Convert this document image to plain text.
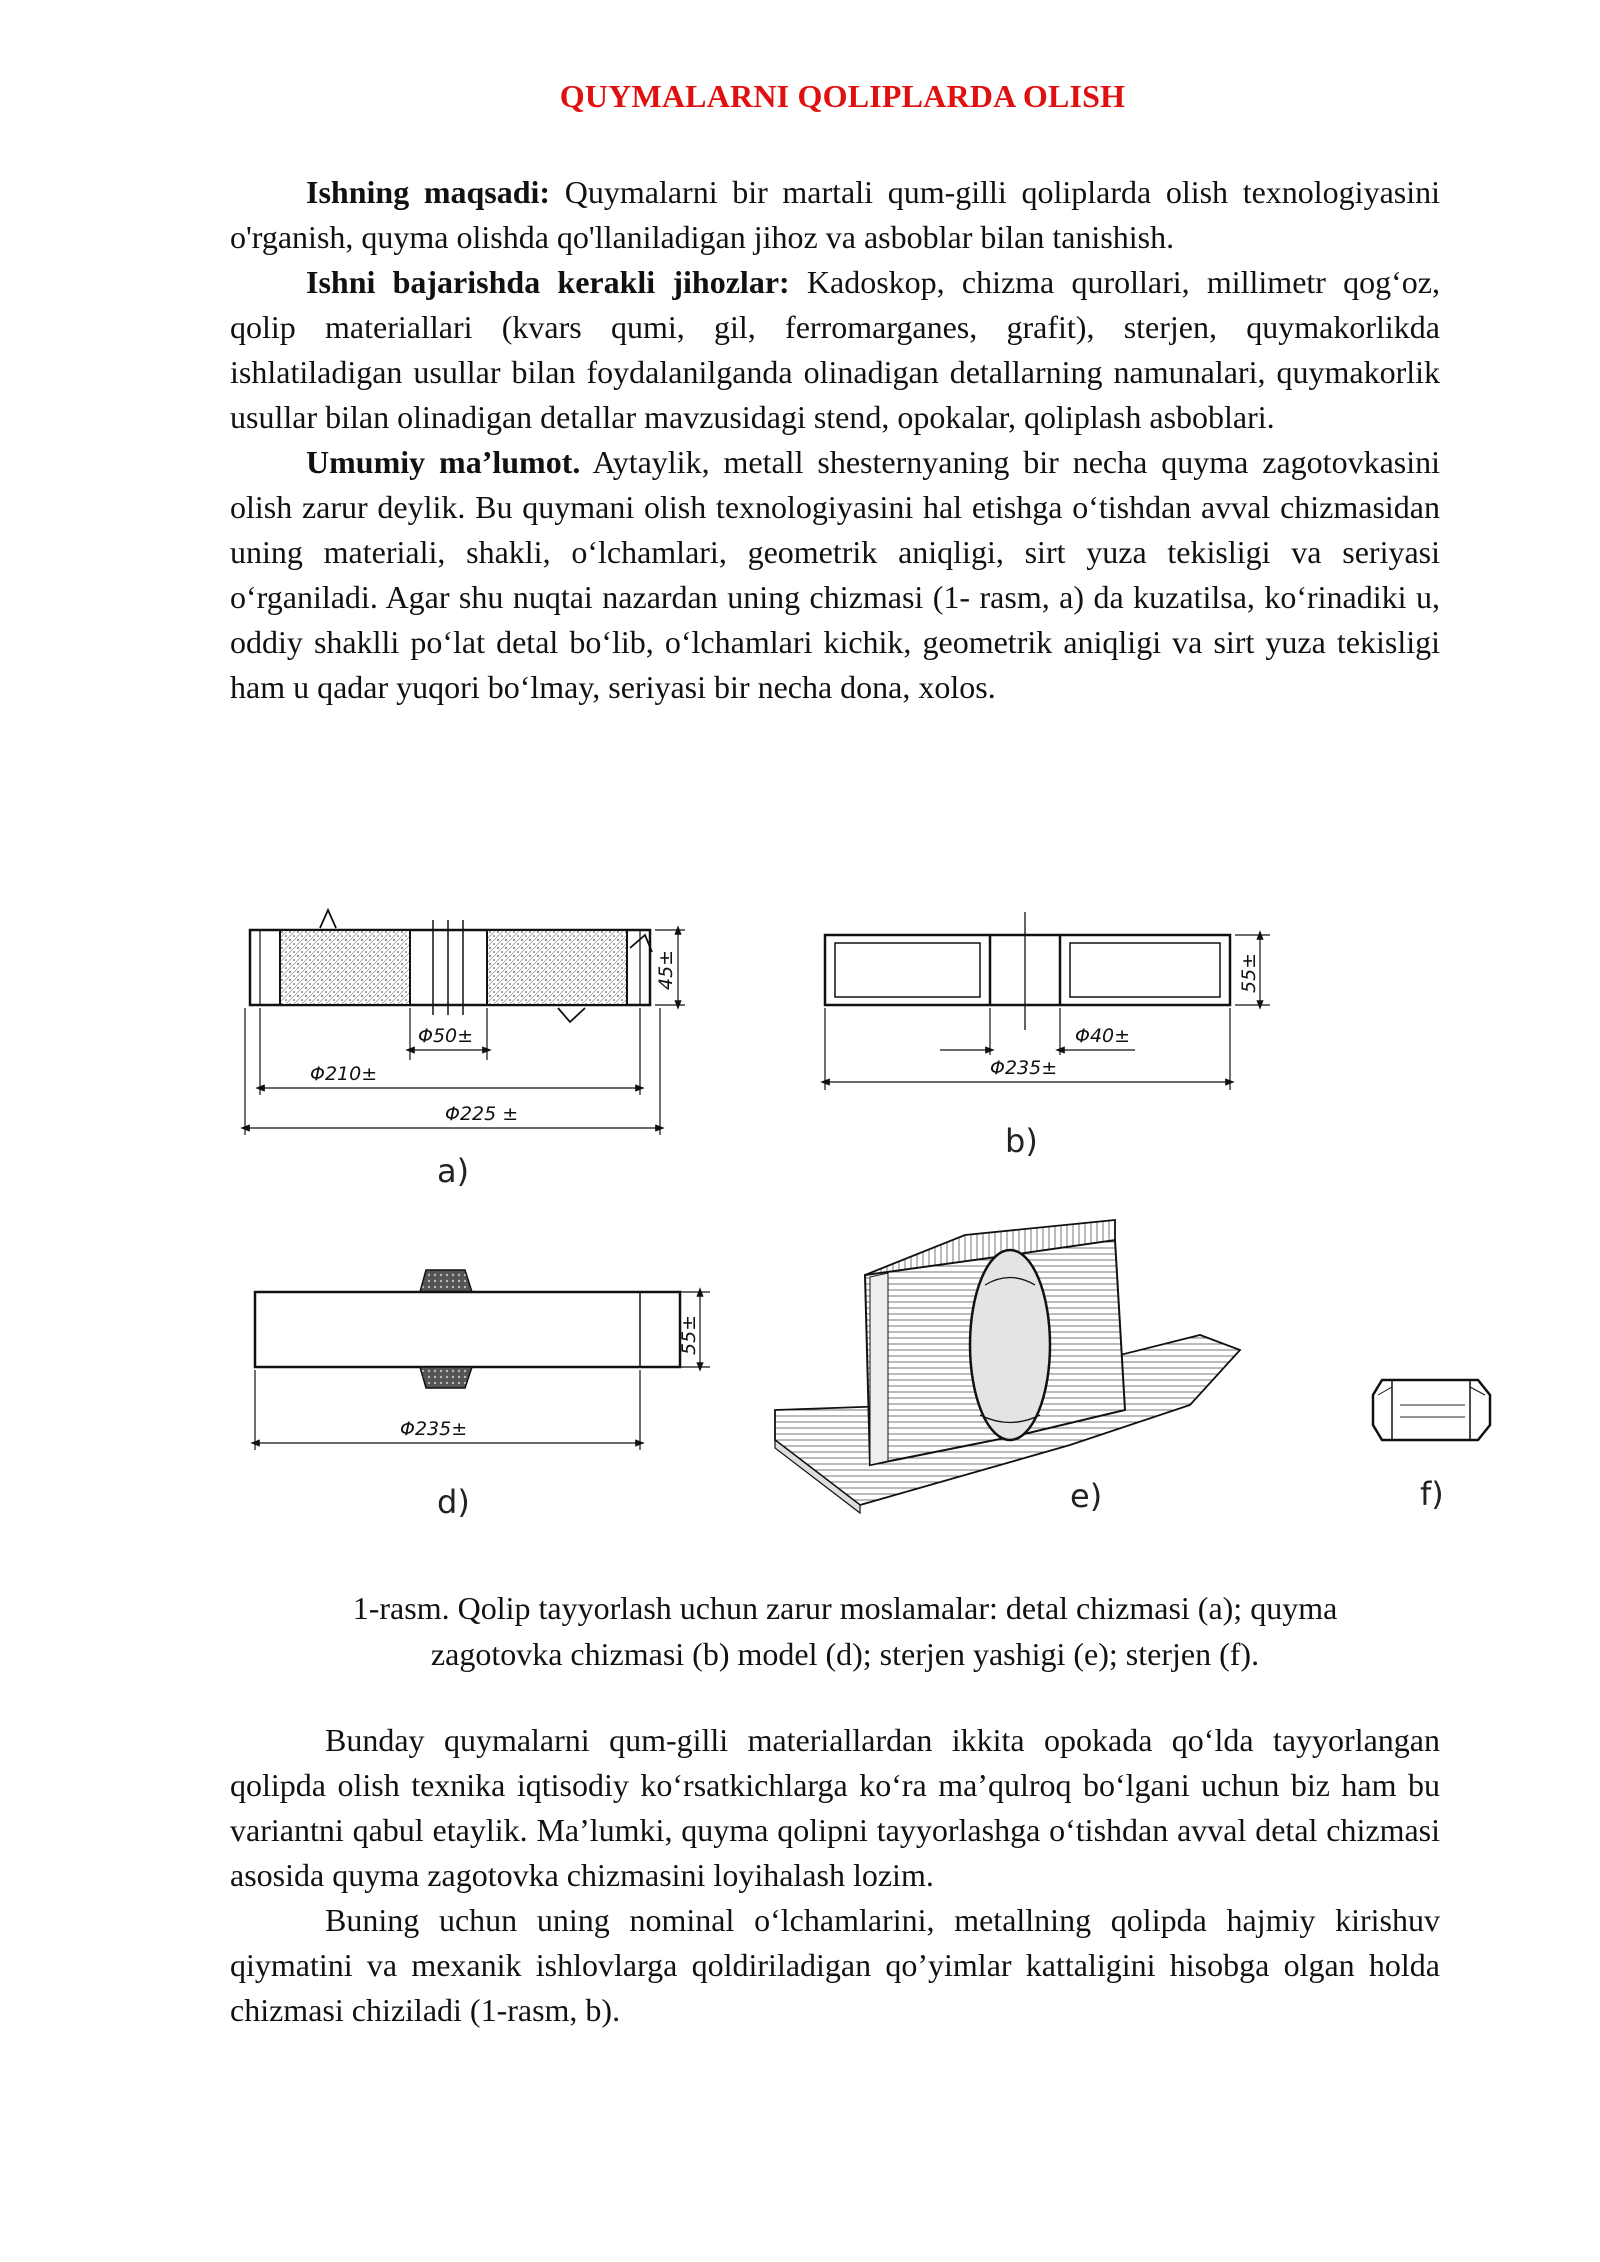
QUYMALARNI QOLIPLARDA OLISH

Ishning maqsadi: Quymalarni bir martali qum-gilli qoliplarda olish texnologiyasini o'rganish, quyma olishda qo'llaniladigan jihoz va asboblar bilan tanishish.

Ishni bajarishda kerakli jihozlar: Kadoskop, chizma qurollari, millimetr qog‘oz, qolip materiallari (kvars qumi, gil, ferromarganes, grafit), sterjen, quymakorlikda ishlatiladigan usullar bilan foydalanilganda olinadigan detallarning namunalari, quymakorlik usullar bilan olinadigan detallar mavzusidagi stend, opokalar, qoliplash asboblari.

Umumiy ma’lumot. Aytaylik, metall shesternyaning bir necha quyma zagotovkasini olish zarur deylik. Bu quymani olish texnologiyasini hal etishga o‘tishdan avval chizmasidan uning materiali, shakli, o‘lchamlari, geometrik aniqligi, sirt yuza tekisligi va seriyasi o‘rganiladi. Agar shu nuqtai nazardan uning chizmasi (1- rasm, a) da kuzatilsa, ko‘rinadiki u, oddiy shaklli po‘lat detal bo‘lib, o‘lchamlari kichik, geometrik aniqligi va sirt yuza tekisligi ham u qadar yuqori bo‘lmay, seriyasi bir necha dona, xolos.

45±
Φ50±
Φ210±
Φ225 ±
a)
55±
Φ40±
Φ235±
b)
55±
Φ235±
d)	e)	f)
1-rasm. Qolip tayyorlash uchun zarur moslamalar: detal chizmasi (a); quyma
zagotovka chizmasi (b) model (d); sterjen yashigi (e); sterjen (f).

Bunday quymalarni qum-gilli materiallardan ikkita opokada qo‘lda tayyorlangan qolipda olish texnika iqtisodiy ko‘rsatkichlarga ko‘ra ma’qulroq bo‘lgani uchun biz ham bu variantni qabul etaylik. Ma’lumki, quyma qolipni tayyorlashga o‘tishdan avval detal chizmasi asosida quyma zagotovka chizmasini loyihalash lozim.

Buning uchun uning nominal o‘lchamlarini, metallning qolipda hajmiy kirishuv qiymatini va mexanik ishlovlarga qoldiriladigan qo’yimlar kattaligini hisobga olgan holda chizmasi chiziladi (1-rasm, b).
